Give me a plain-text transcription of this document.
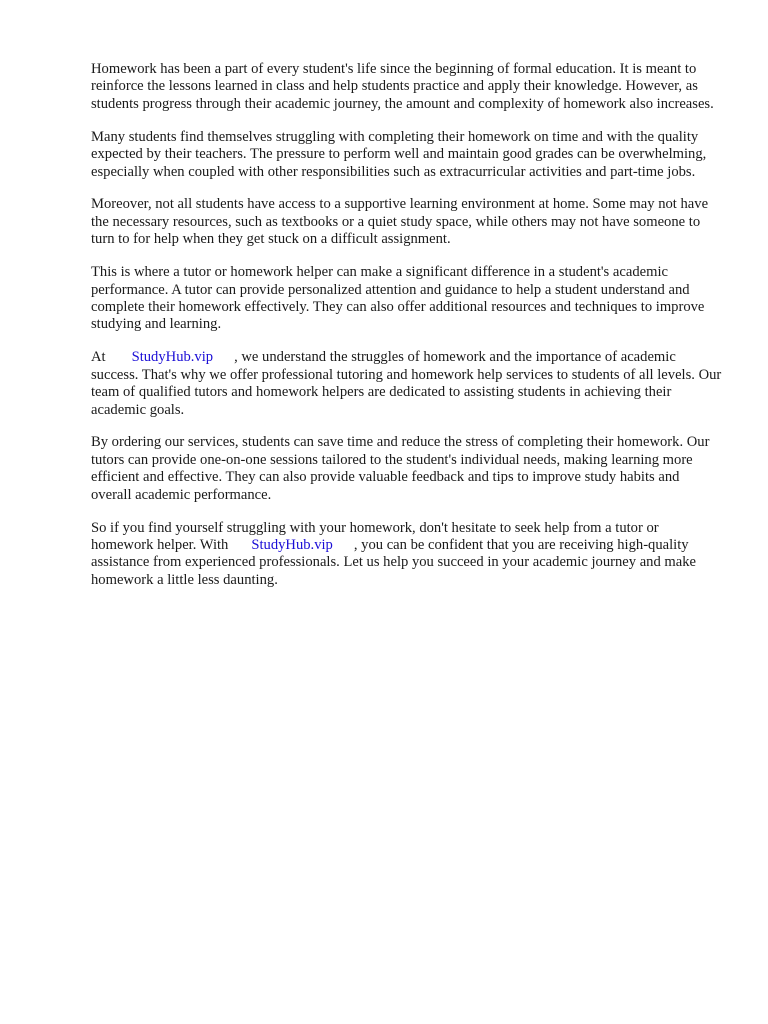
Homework has been a part of every student's life since the beginning of formal education. It is meant to reinforce the lessons learned in class and help students practice and apply their knowledge. However, as students progress through their academic journey, the amount and complexity of homework also increases.

Many students find themselves struggling with completing their homework on time and with the quality expected by their teachers. The pressure to perform well and maintain good grades can be overwhelming, especially when coupled with other responsibilities such as extracurricular activities and part-time jobs.

Moreover, not all students have access to a supportive learning environment at home. Some may not have the necessary resources, such as textbooks or a quiet study space, while others may not have someone to turn to for help when they get stuck on a difficult assignment.

This is where a tutor or homework helper can make a significant difference in a student's academic performance. A tutor can provide personalized attention and guidance to help a student understand and complete their homework effectively. They can also offer additional resources and techniques to improve studying and learning.

At StudyHub.vip , we understand the struggles of homework and the importance of academic success. That's why we offer professional tutoring and homework help services to students of all levels. Our team of qualified tutors and homework helpers are dedicated to assisting students in achieving their academic goals.

By ordering our services, students can save time and reduce the stress of completing their homework. Our tutors can provide one-on-one sessions tailored to the student's individual needs, making learning more efficient and effective. They can also provide valuable feedback and tips to improve study habits and overall academic performance.

So if you find yourself struggling with your homework, don't hesitate to seek help from a tutor or homework helper. With StudyHub.vip , you can be confident that you are receiving high-quality assistance from experienced professionals. Let us help you succeed in your academic journey and make homework a little less daunting.
